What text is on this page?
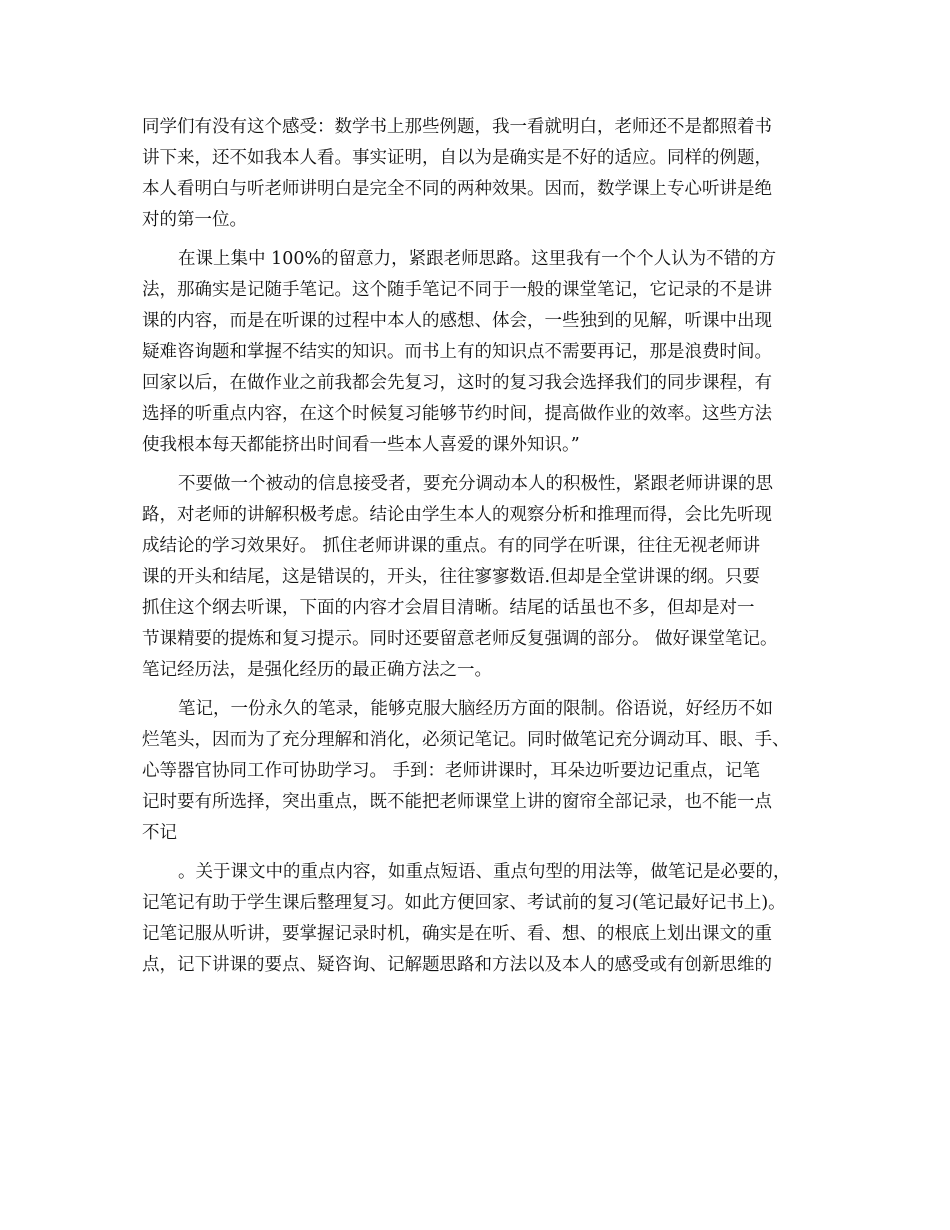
同学们有没有这个感受：数学书上那些例题，我一看就明白，老师还不是都照着书
讲下来，还不如我本人看。事实证明，自以为是确实是不好的适应。同样的例题，
本人看明白与听老师讲明白是完全不同的两种效果。因而，数学课上专心听讲是绝
对的第一位。
在课上集中 100%的留意力，紧跟老师思路。这里我有一个个人认为不错的方
法，那确实是记随手笔记。这个随手笔记不同于一般的课堂笔记，它记录的不是讲
课的内容，而是在听课的过程中本人的感想、体会，一些独到的见解，听课中出现
疑难咨询题和掌握不结实的知识。而书上有的知识点不需要再记，那是浪费时间。
回家以后，在做作业之前我都会先复习，这时的复习我会选择我们的同步课程，有
选择的听重点内容，在这个时候复习能够节约时间，提高做作业的效率。这些方法
使我根本每天都能挤出时间看一些本人喜爱的课外知识。”
不要做一个被动的信息接受者，要充分调动本人的积极性，紧跟老师讲课的思
路，对老师的讲解积极考虑。结论由学生本人的观察分析和推理而得，会比先听现
成结论的学习效果好。 抓住老师讲课的重点。有的同学在听课，往往无视老师讲
课的开头和结尾，这是错误的，开头，往往寥寥数语.但却是全堂讲课的纲。只要
抓住这个纲去听课，下面的内容才会眉目清晰。结尾的话虽也不多，但却是对一
节课精要的提炼和复习提示。同时还要留意老师反复强调的部分。 做好课堂笔记。
笔记经历法，是强化经历的最正确方法之一。
笔记，一份永久的笔录，能够克服大脑经历方面的限制。俗语说，好经历不如
烂笔头，因而为了充分理解和消化，必须记笔记。同时做笔记充分调动耳、眼、手、
心等器官协同工作可协助学习。 手到：老师讲课时，耳朵边听要边记重点，记笔
记时要有所选择，突出重点，既不能把老师课堂上讲的窗帘全部记录，也不能一点
不记
。关于课文中的重点内容，如重点短语、重点句型的用法等，做笔记是必要的，
记笔记有助于学生课后整理复习。如此方便回家、考试前的复习(笔记最好记书上)。
记笔记服从听讲，要掌握记录时机，确实是在听、看、想、的根底上划出课文的重
点，记下讲课的要点、疑咨询、记解题思路和方法以及本人的感受或有创新思维的
